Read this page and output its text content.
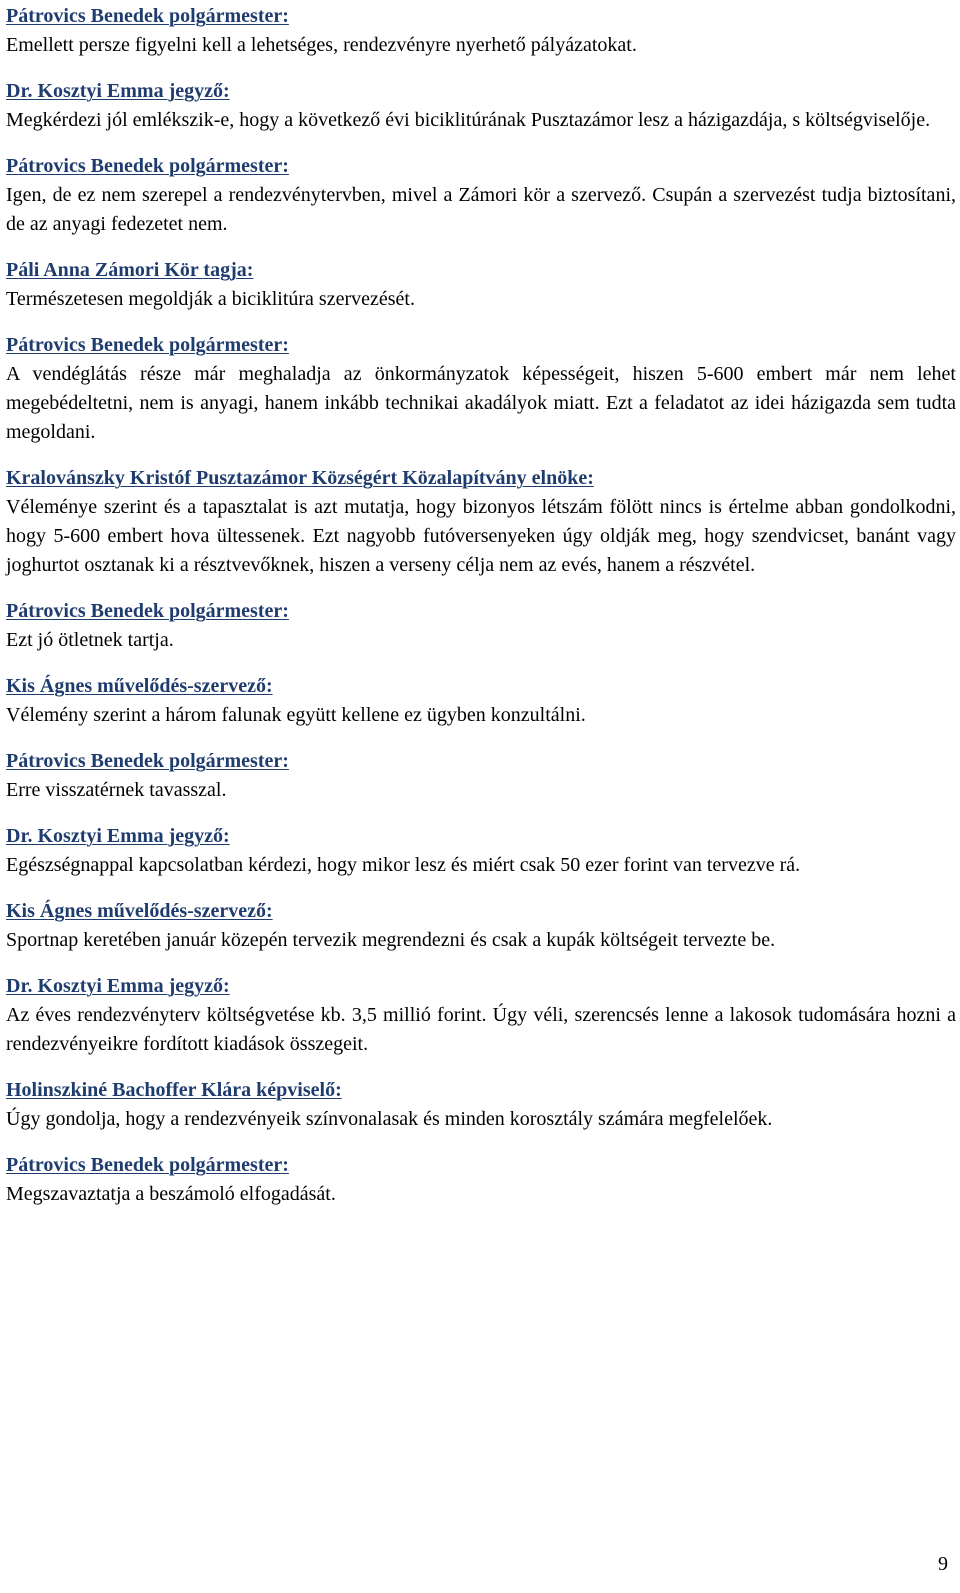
Pátrovics Benedek polgármester:

Emellett persze figyelni kell a lehetséges, rendezvényre nyerhető pályázatokat.

Dr. Kosztyi Emma jegyző:

Megkérdezi jól emlékszik-e, hogy a következő évi biciklitúrának Pusztazámor lesz a házigazdája, s költségviselője.

Pátrovics Benedek polgármester:

Igen, de ez nem szerepel a rendezvénytervben, mivel a Zámori kör a szervező. Csupán a szervezést tudja biztosítani, de az anyagi fedezetet nem.

Páli Anna Zámori Kör tagja:

Természetesen megoldják a biciklitúra szervezését.

Pátrovics Benedek polgármester:

A vendéglátás része már meghaladja az önkormányzatok képességeit, hiszen 5-600 embert már nem lehet megebédeltetni, nem is anyagi, hanem inkább technikai akadályok miatt. Ezt a feladatot az idei házigazda sem tudta megoldani.

Kralovánszky Kristóf Pusztazámor Községért Közalapítvány elnöke:

Véleménye szerint és a tapasztalat is azt mutatja, hogy bizonyos létszám fölött nincs is értelme abban gondolkodni, hogy 5-600 embert hova ültessenek. Ezt nagyobb futóversenyeken úgy oldják meg, hogy szendvicset, banánt vagy joghurtot osztanak ki a résztvevőknek, hiszen a verseny célja nem az evés, hanem a részvétel.

Pátrovics Benedek polgármester:

Ezt jó ötletnek tartja.

Kis Ágnes művelődés-szervező:

Vélemény szerint a három falunak együtt kellene ez ügyben konzultálni.

Pátrovics Benedek polgármester:

Erre visszatérnek tavasszal.

Dr. Kosztyi Emma jegyző:

Egészségnappal kapcsolatban kérdezi, hogy mikor lesz és miért csak 50 ezer forint van tervezve rá.

Kis Ágnes művelődés-szervező:

Sportnap keretében január közepén tervezik megrendezni és csak a kupák költségeit tervezte be.

Dr. Kosztyi Emma jegyző:

Az éves rendezvényterv költségvetése kb. 3,5 millió forint. Úgy véli, szerencsés lenne a lakosok tudomására hozni a rendezvényeikre fordított kiadások összegeit.

Holinszkiné Bachoffer Klára képviselő:

Úgy gondolja, hogy a rendezvényeik színvonalasak és minden korosztály számára megfelelőek.

Pátrovics Benedek polgármester:

Megszavaztatja a beszámoló elfogadását.

9
